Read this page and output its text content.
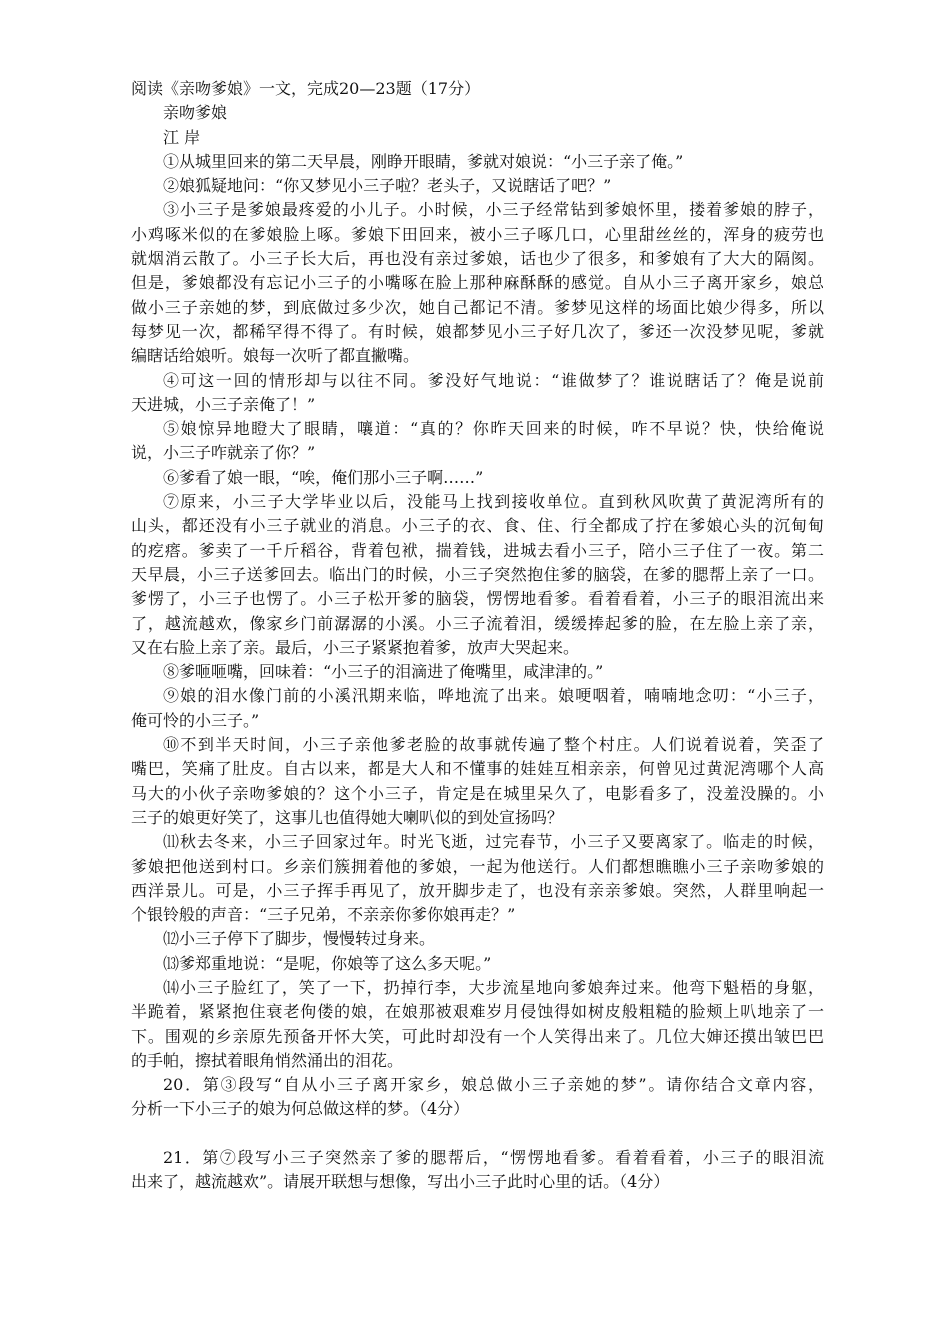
阅读《亲吻爹娘》一文，完成20—23题（17分）
亲吻爹娘
江 岸
①从城里回来的第二天早晨，刚睁开眼睛，爹就对娘说：“小三子亲了俺。”
②娘狐疑地问：“你又梦见小三子啦？老头子，又说瞎话了吧？”
③小三子是爹娘最疼爱的小儿子。小时候，小三子经常钻到爹娘怀里，搂着爹娘的脖子，
小鸡啄米似的在爹娘脸上啄。爹娘下田回来，被小三子啄几口，心里甜丝丝的，浑身的疲劳也
就烟消云散了。小三子长大后，再也没有亲过爹娘，话也少了很多，和爹娘有了大大的隔阂。
但是，爹娘都没有忘记小三子的小嘴啄在脸上那种麻酥酥的感觉。自从小三子离开家乡，娘总
做小三子亲她的梦，到底做过多少次，她自己都记不清。爹梦见这样的场面比娘少得多，所以
每梦见一次，都稀罕得不得了。有时候，娘都梦见小三子好几次了，爹还一次没梦见呢，爹就
编瞎话给娘听。娘每一次听了都直撇嘴。
④可这一回的情形却与以往不同。爹没好气地说：“谁做梦了？谁说瞎话了？俺是说前
天进城，小三子亲俺了！”
⑤娘惊异地瞪大了眼睛，嚷道：“真的？你昨天回来的时候，咋不早说？快，快给俺说
说，小三子咋就亲了你？”
⑥爹看了娘一眼，“唉，俺们那小三子啊……”
⑦原来，小三子大学毕业以后，没能马上找到接收单位。直到秋风吹黄了黄泥湾所有的
山头，都还没有小三子就业的消息。小三子的衣、食、住、行全都成了拧在爹娘心头的沉甸甸
的疙瘩。爹卖了一千斤稻谷，背着包袱，揣着钱，进城去看小三子，陪小三子住了一夜。第二
天早晨，小三子送爹回去。临出门的时候，小三子突然抱住爹的脑袋，在爹的腮帮上亲了一口。
爹愣了，小三子也愣了。小三子松开爹的脑袋，愣愣地看爹。看着看着，小三子的眼泪流出来
了，越流越欢，像家乡门前潺潺的小溪。小三子流着泪，缓缓捧起爹的脸，在左脸上亲了亲，
又在右脸上亲了亲。最后，小三子紧紧抱着爹，放声大哭起来。
⑧爹咂咂嘴，回味着：“小三子的泪滴进了俺嘴里，咸津津的。”
⑨娘的泪水像门前的小溪汛期来临，哗地流了出来。娘哽咽着，喃喃地念叨：“小三子，
俺可怜的小三子。”
⑩不到半天时间，小三子亲他爹老脸的故事就传遍了整个村庄。人们说着说着，笑歪了
嘴巴，笑痛了肚皮。自古以来，都是大人和不懂事的娃娃互相亲亲，何曾见过黄泥湾哪个人高
马大的小伙子亲吻爹娘的？这个小三子，肯定是在城里呆久了，电影看多了，没羞没臊的。小
三子的娘更好笑了，这事儿也值得她大喇叭似的到处宣扬吗？
⑾秋去冬来，小三子回家过年。时光飞逝，过完春节，小三子又要离家了。临走的时候，
爹娘把他送到村口。乡亲们簇拥着他的爹娘，一起为他送行。人们都想瞧瞧小三子亲吻爹娘的
西洋景儿。可是，小三子挥手再见了，放开脚步走了，也没有亲亲爹娘。突然，人群里响起一
个银铃般的声音：“三子兄弟，不亲亲你爹你娘再走？”
⑿小三子停下了脚步，慢慢转过身来。
⒀爹郑重地说：“是呢，你娘等了这么多天呢。”
⒁小三子脸红了，笑了一下，扔掉行李，大步流星地向爹娘奔过来。他弯下魁梧的身躯，
半跪着，紧紧抱住衰老佝偻的娘，在娘那被艰难岁月侵蚀得如树皮般粗糙的脸颊上叭地亲了一
下。围观的乡亲原先预备开怀大笑，可此时却没有一个人笑得出来了。几位大婶还摸出皱巴巴
的手帕，擦拭着眼角悄然涌出的泪花。
20．第③段写“自从小三子离开家乡，娘总做小三子亲她的梦”。请你结合文章内容，
分析一下小三子的娘为何总做这样的梦。（4分）
21．第⑦段写小三子突然亲了爹的腮帮后，“愣愣地看爹。看着看着，小三子的眼泪流
出来了，越流越欢”。请展开联想与想像，写出小三子此时心里的话。（4分）
